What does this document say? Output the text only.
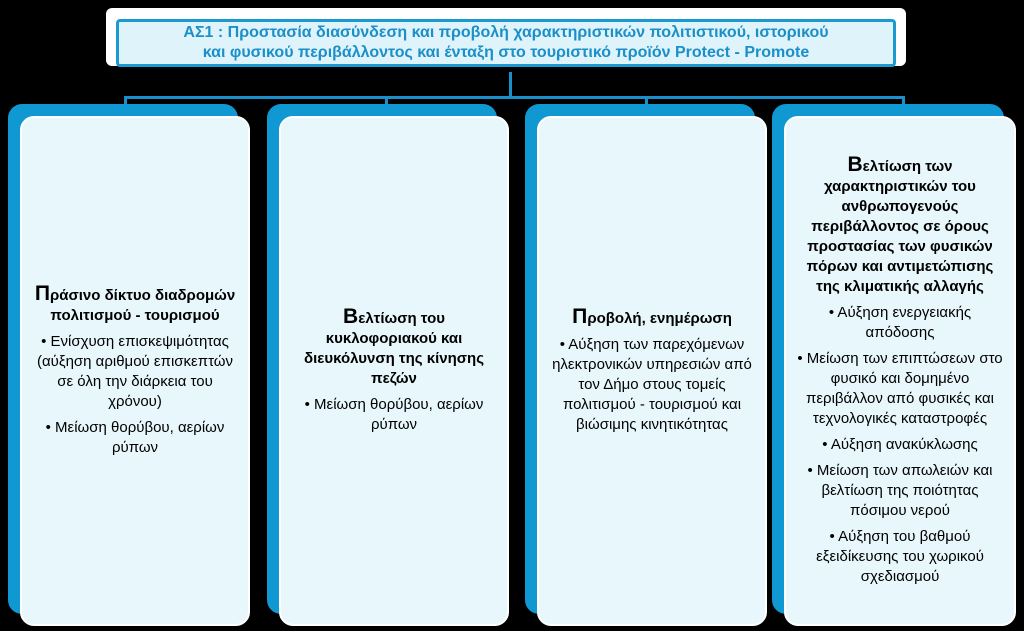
ΑΣ1 : Προστασία διασύνδεση και προβολή χαρακτηριστικών πολιτιστικού, ιστορικού
και φυσικού περιβάλλοντος και ένταξη στο τουριστικό προϊόν Protect - Promote
Πράσινο δίκτυο διαδρομών πολιτισμού - τουρισμού
• Ενίσχυση επισκεψιμότητας (αύξηση αριθμού επισκεπτών σε όλη την διάρκεια του χρόνου)
• Μείωση θορύβου, αερίων ρύπων
Βελτίωση του κυκλοφοριακού και διευκόλυνση της κίνησης πεζών
• Μείωση θορύβου, αερίων ρύπων
Προβολή, ενημέρωση
• Αύξηση των παρεχόμενων ηλεκτρονικών υπηρεσιών από τον Δήμο στους τομείς πολιτισμού - τουρισμού και βιώσιμης κινητικότητας
Βελτίωση των χαρακτηριστικών του ανθρωπογενούς περιβάλλοντος σε όρους προστασίας των φυσικών πόρων και αντιμετώπισης της κλιματικής αλλαγής
• Αύξηση ενεργειακής απόδοσης
• Μείωση των επιπτώσεων στο φυσικό και δομημένο περιβάλλον από φυσικές και τεχνολογικές καταστροφές
• Αύξηση ανακύκλωσης
• Μείωση των απωλειών και βελτίωση της ποιότητας πόσιμου νερού
• Αύξηση του βαθμού εξειδίκευσης του χωρικού σχεδιασμού
